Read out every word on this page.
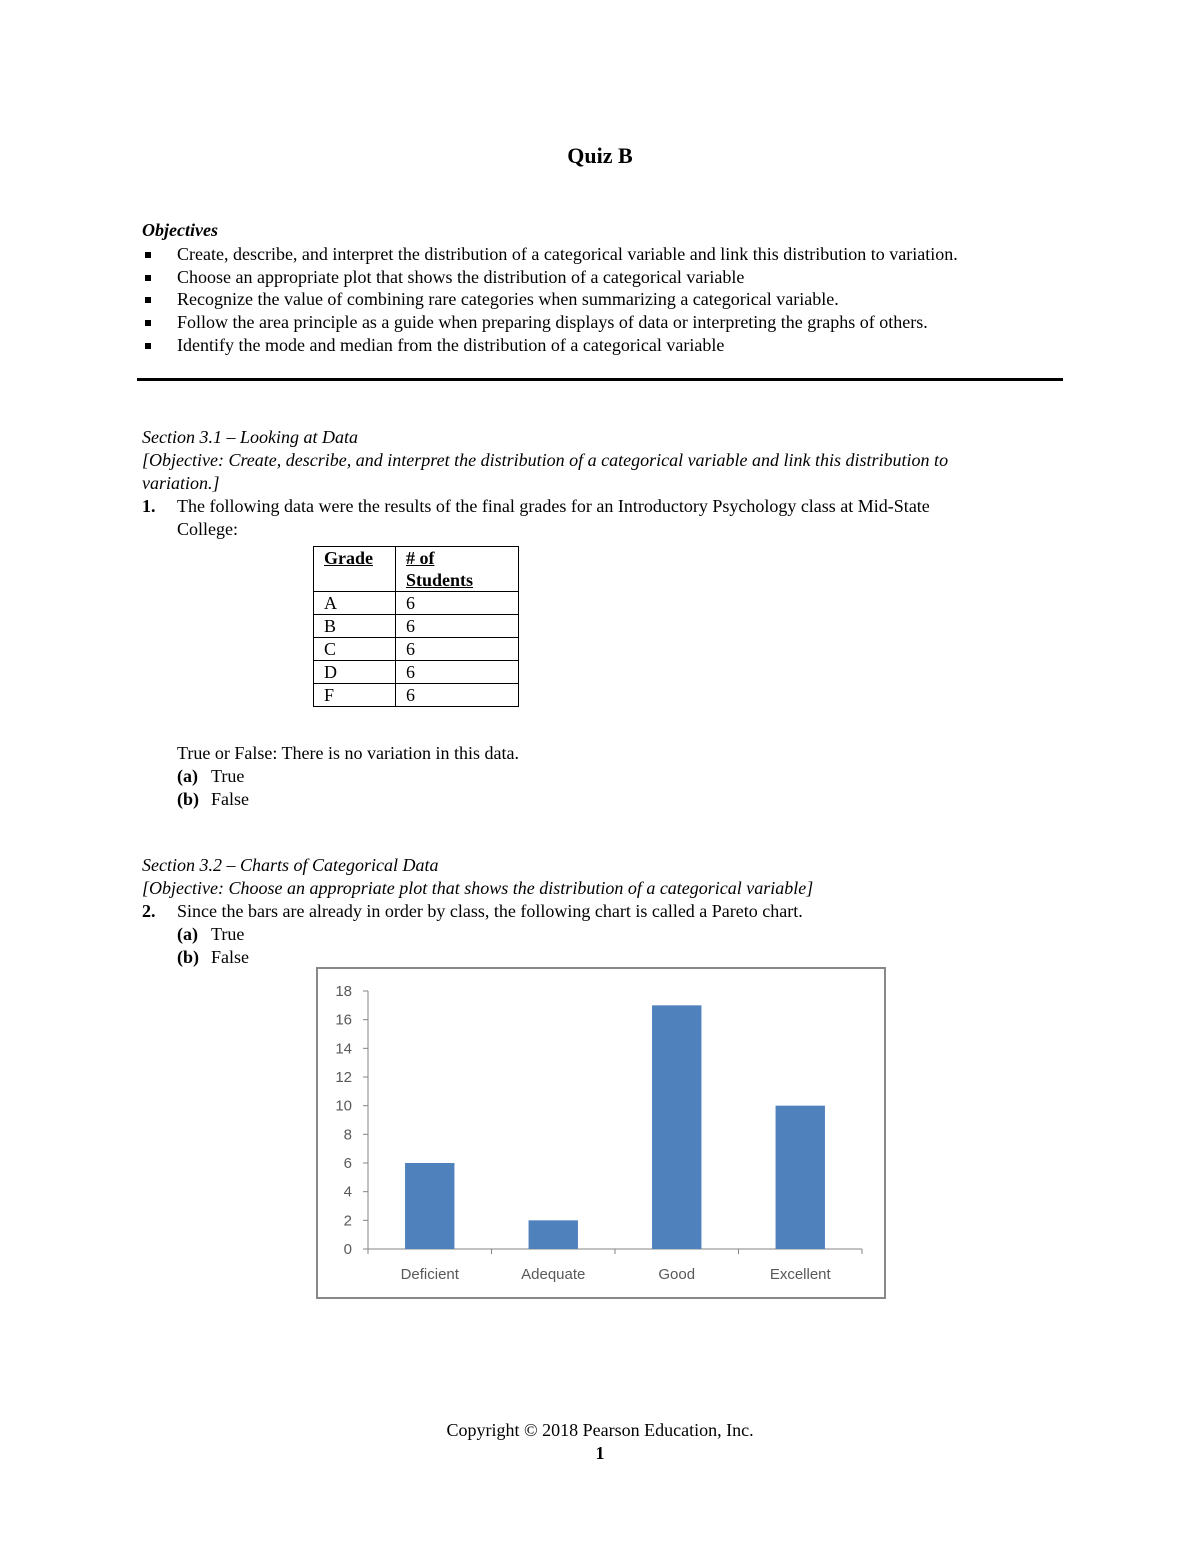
Quiz B
Objectives
Create, describe, and interpret the distribution of a categorical variable and link this distribution to variation.
Choose an appropriate plot that shows the distribution of a categorical variable
Recognize the value of combining rare categories when summarizing a categorical variable.
Follow the area principle as a guide when preparing displays of data or interpreting the graphs of others.
Identify the mode and median from the distribution of a categorical variable
Section 3.1 – Looking at Data
[Objective: Create, describe, and interpret the distribution of a categorical variable and link this distribution to
variation.]
1. The following data were the results of the final grades for an Introductory Psychology class at Mid-State
College:
Grade	# of
Students
A	6
B	6
C	6
D	6
F	6
True or False: There is no variation in this data.
(a) True
(b) False
Section 3.2 – Charts of Categorical Data
[Objective: Choose an appropriate plot that shows the distribution of a categorical variable]
2. Since the bars are already in order by class, the following chart is called a Pareto chart.
(a) True
(b) False
0
2
4
6
8
10
12
14
16
18
Deficient	Adequate	Good	Excellent
Copyright © 2018 Pearson Education, Inc.
1
